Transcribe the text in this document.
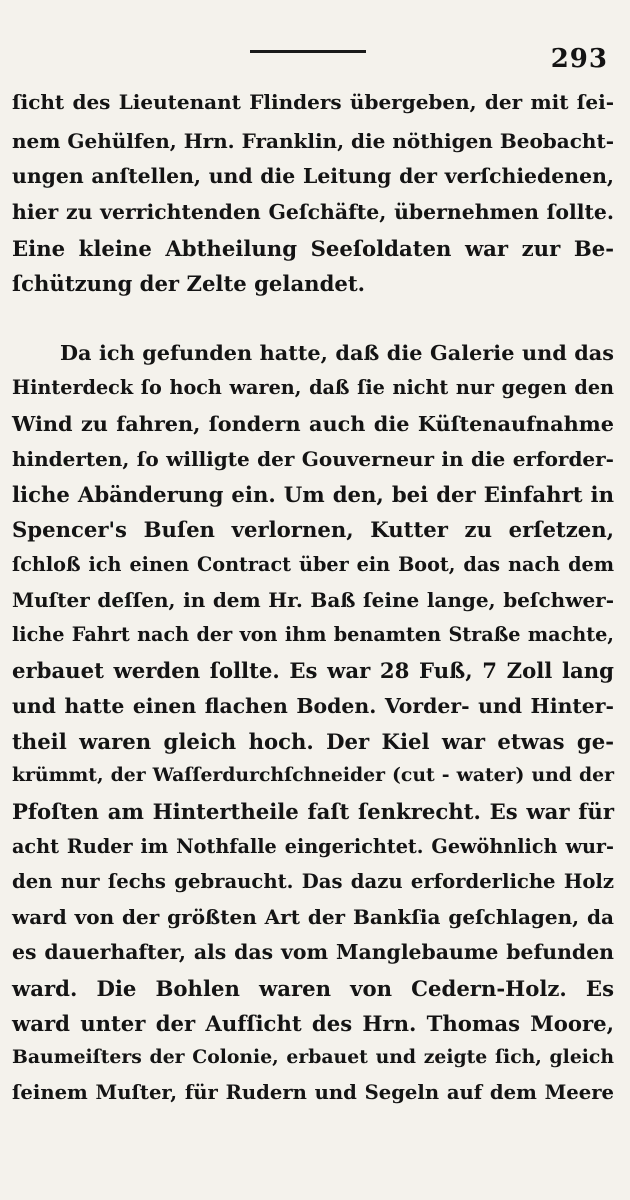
293
ſicht des Lieutenant Flinders übergeben, der mit ſei-
nem Gehülfen, Hrn. Franklin, die nöthigen Beobacht-
ungen anſtellen, und die Leitung der verſchiedenen,
hier zu verrichtenden Geſchäfte, übernehmen ſollte.
Eine kleine Abtheilung Seeſoldaten war zur Be-
ſchützung der Zelte gelandet.
Da ich gefunden hatte, daß die Galerie und das
Hinterdeck ſo hoch waren, daß ſie nicht nur gegen den
Wind zu fahren, ſondern auch die Küſtenaufnahme
hinderten, ſo willigte der Gouverneur in die erforder-
liche Abänderung ein. Um den, bei der Einfahrt in
Spencer's Buſen verlornen, Kutter zu erſetzen,
ſchloß ich einen Contract über ein Boot, das nach dem
Muſter deſſen, in dem Hr. Baß ſeine lange, beſchwer-
liche Fahrt nach der von ihm benamten Straße machte,
erbauet werden ſollte. Es war 28 Fuß, 7 Zoll lang
und hatte einen flachen Boden. Vorder- und Hinter-
theil waren gleich hoch. Der Kiel war etwas ge-
krümmt, der Waſſerdurchſchneider (cut - water) und der
Pfoſten am Hintertheile faſt ſenkrecht. Es war für
acht Ruder im Nothfalle eingerichtet. Gewöhnlich wur-
den nur ſechs gebraucht. Das dazu erforderliche Holz
ward von der größten Art der Bankſia geſchlagen, da
es dauerhafter, als das vom Manglebaume befunden
ward. Die Bohlen waren von Cedern-Holz. Es
ward unter der Aufſicht des Hrn. Thomas Moore,
Baumeiſters der Colonie, erbauet und zeigte ſich, gleich
ſeinem Muſter, für Rudern und Segeln auf dem Meere
